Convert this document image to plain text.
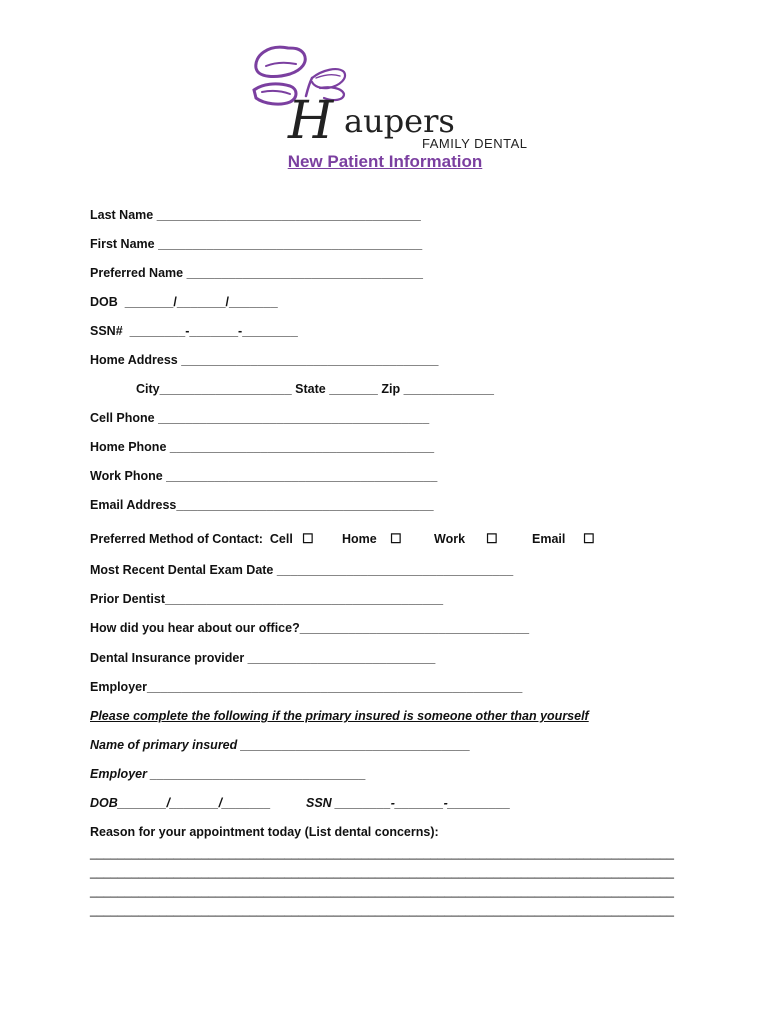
H aupers
FAMILY DENTAL
New Patient Information
Last Name ______________________________________
First Name ______________________________________
Preferred Name __________________________________
DOB  _______/_______/_______
SSN#  ________-_______-________
Home Address _____________________________________
City___________________ State _______ Zip _____________
Cell Phone _______________________________________
Home Phone ______________________________________
Work Phone _______________________________________
Email Address_____________________________________
Preferred Method of Contact:  Cell ☐ Home ☐	Work ☐	Email ☐
Most Recent Dental Exam Date __________________________________
Prior Dentist________________________________________
How did you hear about our office?_________________________________
Dental Insurance provider ___________________________
Employer______________________________________________________
Please complete the following if the primary insured is someone other than yourself
Name of primary insured _________________________________
Employer _______________________________
DOB_______/_______/_______	SSN ________-_______-_________
Reason for your appointment today (List dental concerns):
____________________________________________________________________________________
____________________________________________________________________________________
____________________________________________________________________________________
____________________________________________________________________________________
